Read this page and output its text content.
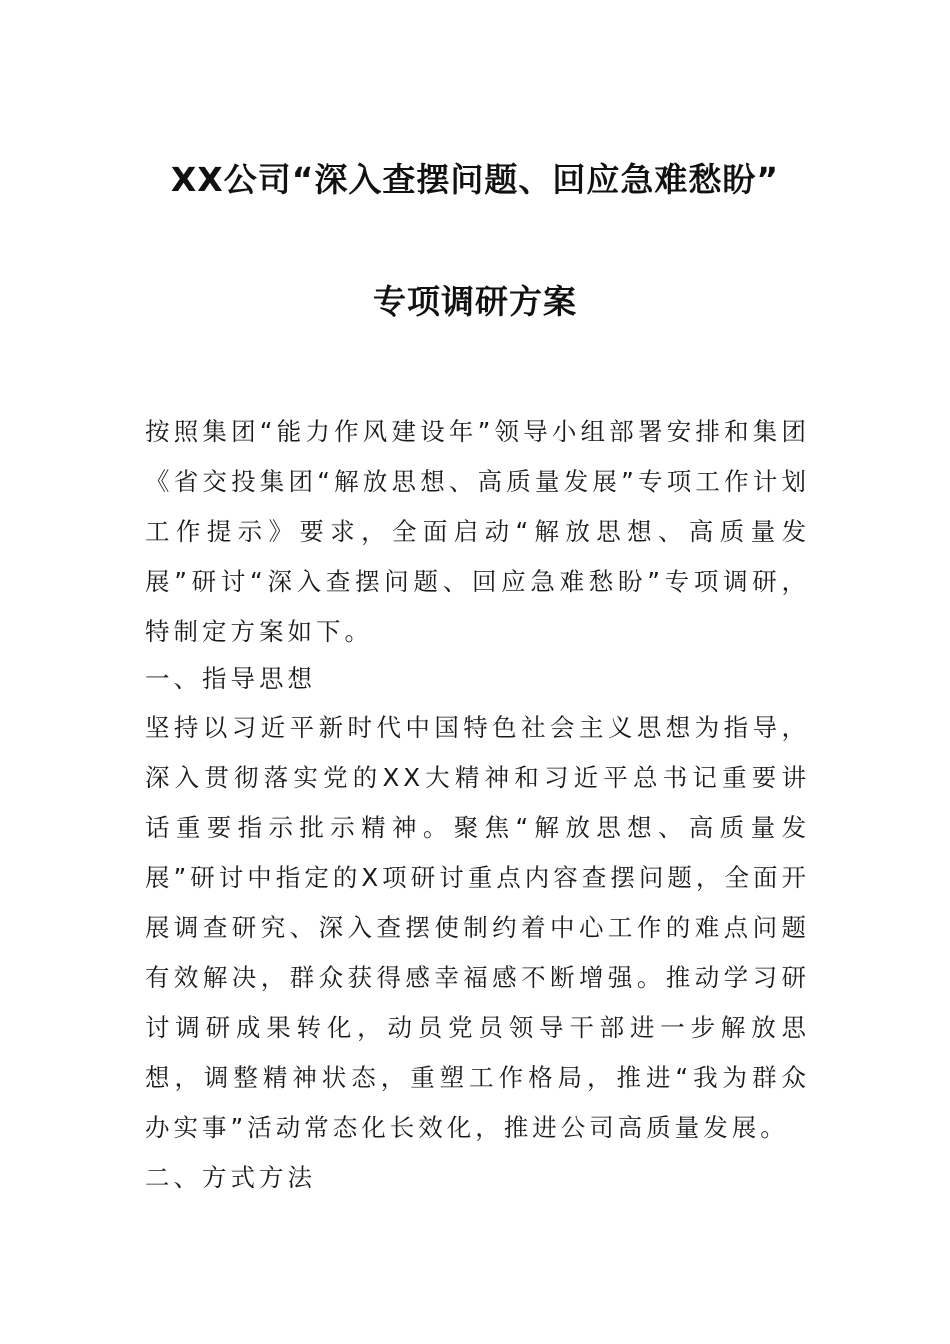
XX公司“深入查摆问题、回应急难愁盼”
专项调研方案
按照集团“能力作风建设年”领导小组部署安排和集团《省交投集团“解放思想、高质量发展”专项工作计划工作提示》要求，全面启动“解放思想、高质量发展”研讨“深入查摆问题、回应急难愁盼”专项调研，特制定方案如下。
一、指导思想
坚持以习近平新时代中国特色社会主义思想为指导，深入贯彻落实党的XX大精神和习近平总书记重要讲话重要指示批示精神。聚焦“解放思想、高质量发展”研讨中指定的X项研讨重点内容查摆问题，全面开展调查研究、深入查摆使制约着中心工作的难点问题有效解决，群众获得感幸福感不断增强。推动学习研讨调研成果转化，动员党员领导干部进一步解放思想，调整精神状态，重塑工作格局，推进“我为群众办实事”活动常态化长效化，推进公司高质量发展。
二、方式方法
